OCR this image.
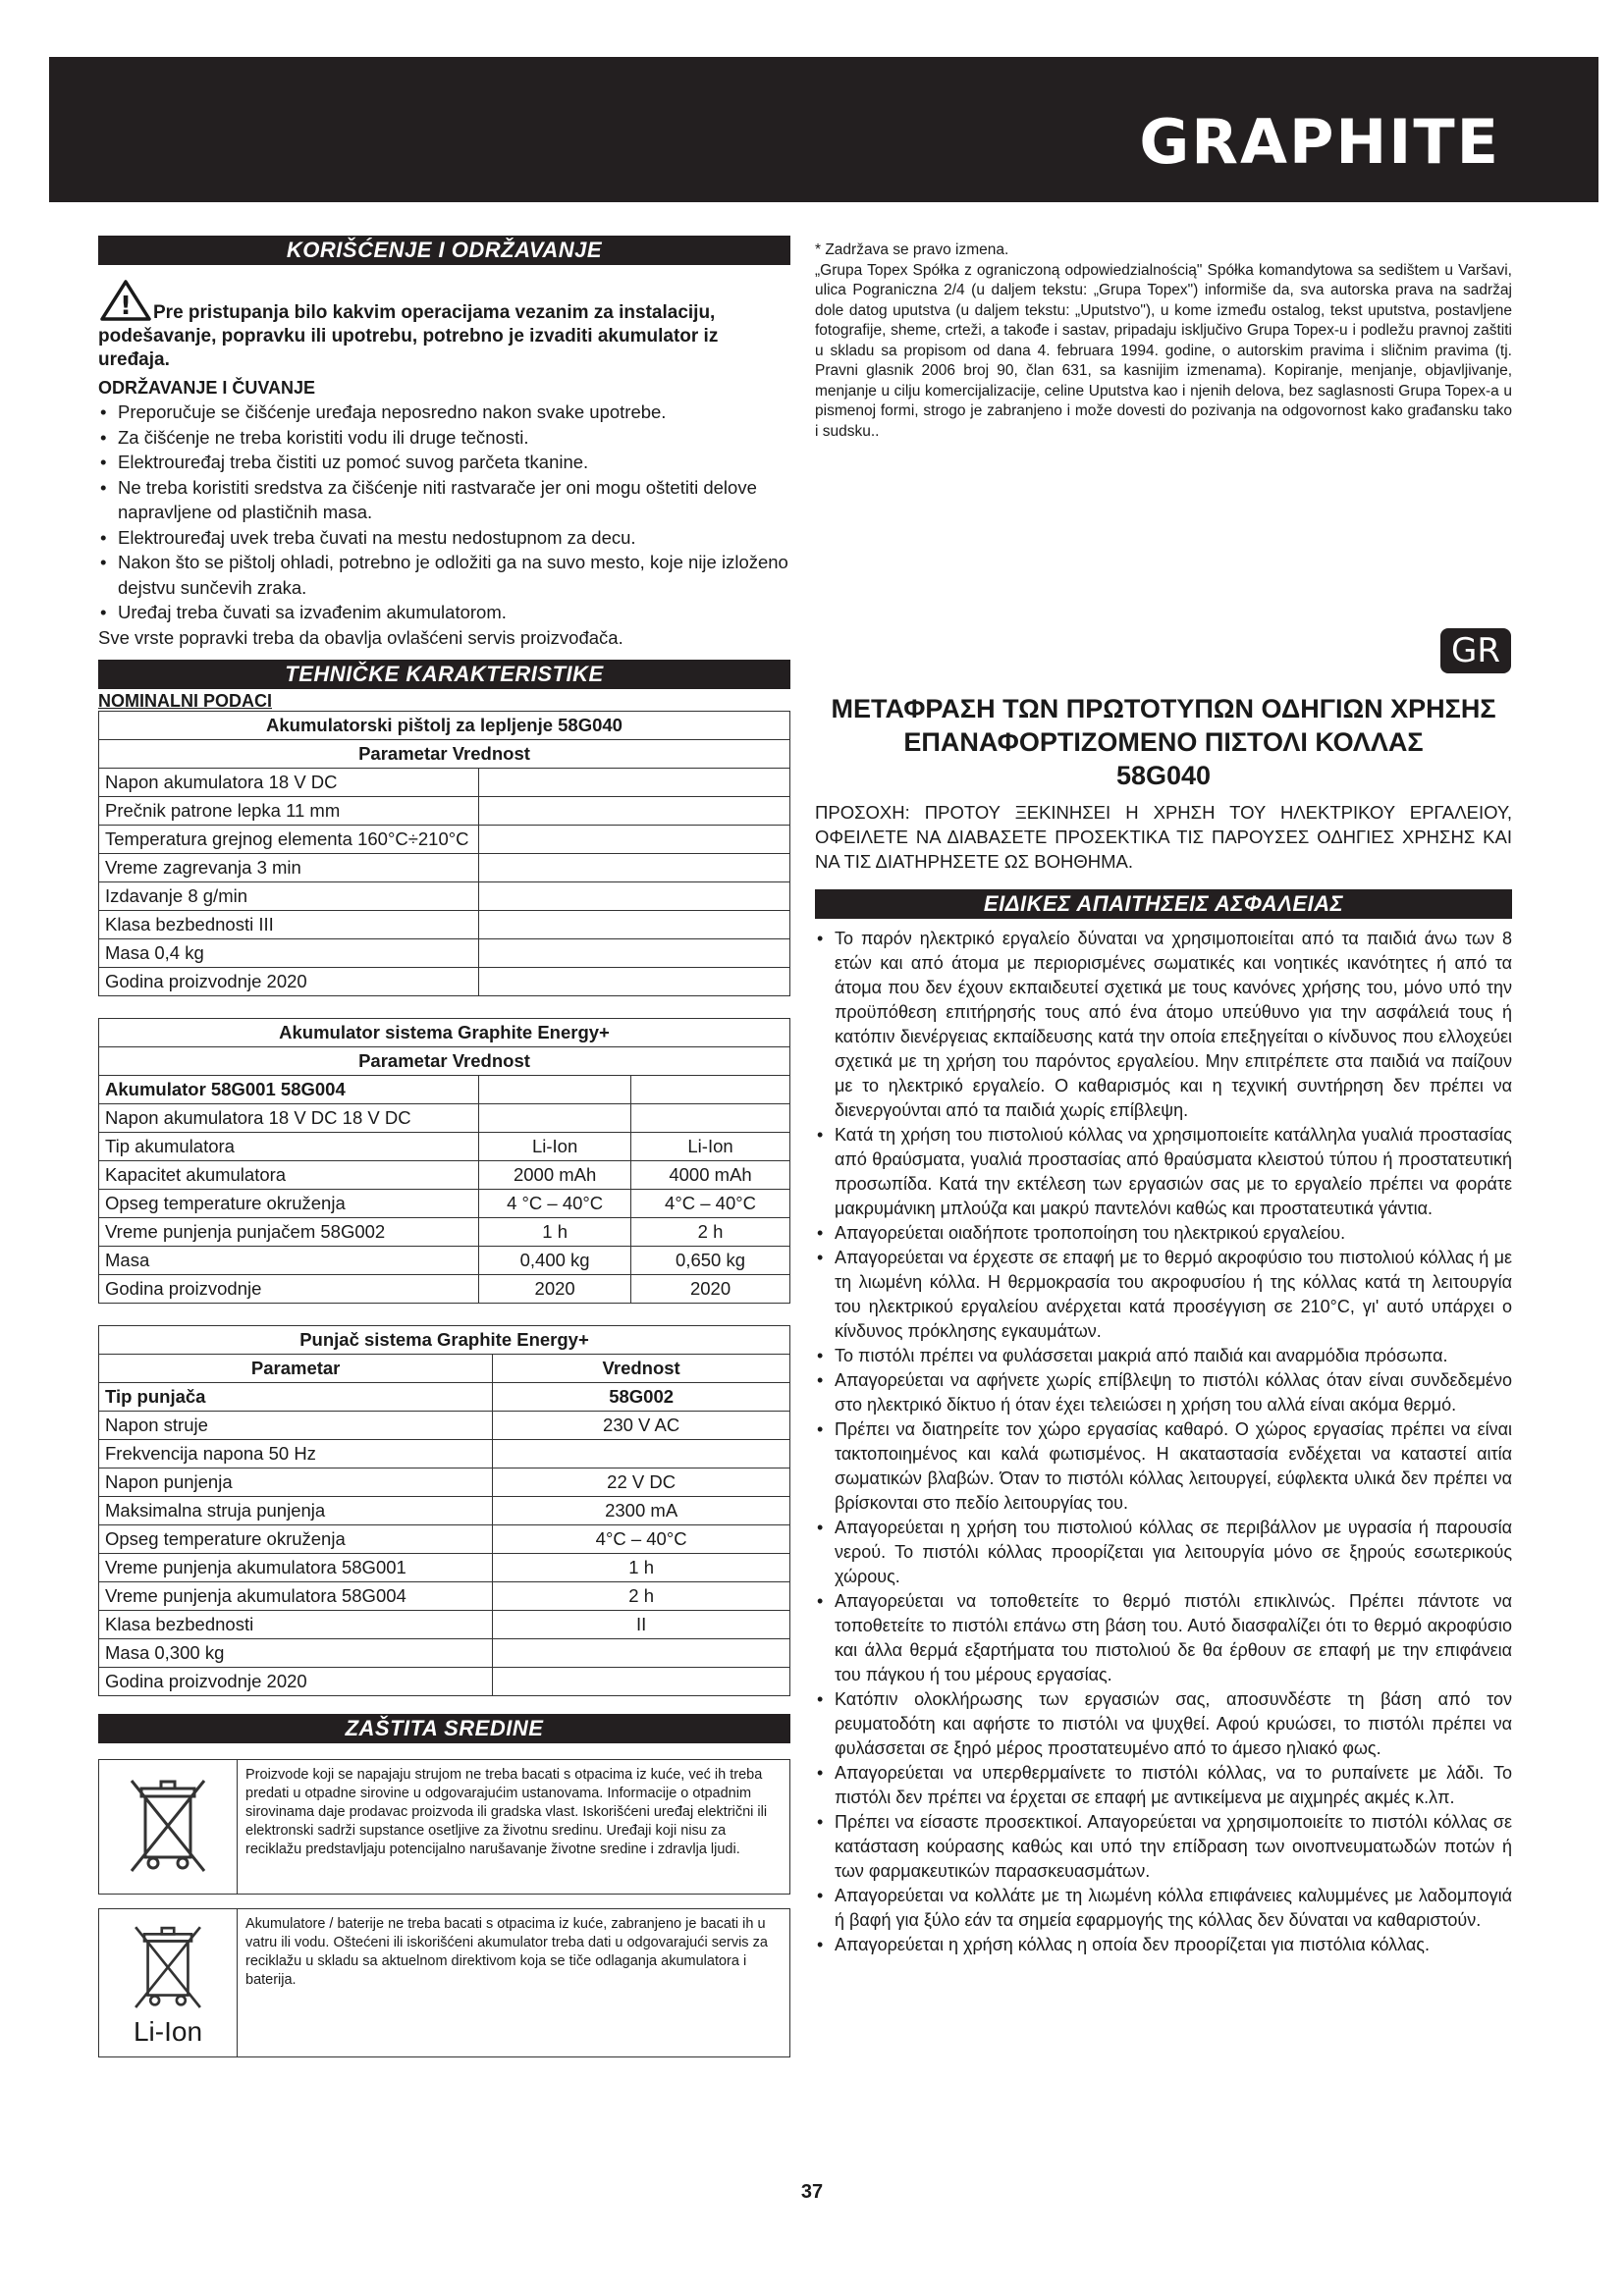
GRAPHITE
KORIŠĆENJE I ODRŽAVANJE
! Pre pristupanja bilo kakvim operacijama vezanim za instalaciju, podešavanje, popravku ili upotrebu, potrebno je izvaditi akumulator iz uređaja.
ODRŽAVANJE I ČUVANJE
• Preporučuje se čišćenje uređaja neposredno nakon svake upotrebe.
• Za čišćenje ne treba koristiti vodu ili druge tečnosti.
• Elektrouređaj treba čistiti uz pomoć suvog parčeta tkanine.
• Ne treba koristiti sredstva za čišćenje niti rastvarače jer oni mogu oštetiti delove napravljene od plastičnih masa.
• Elektrouređaj uvek treba čuvati na mestu nedostupnom za decu.
• Nakon što se pištolj ohladi, potrebno je odložiti ga na suvo mesto, koje nije izloženo dejstvu sunčevih zraka.
• Uređaj treba čuvati sa izvađenim akumulatorom.
Sve vrste popravki treba da obavlja ovlašćeni servis proizvođača.
TEHNIČKE KARAKTERISTIKE
NOMINALNI PODACI
Akumulatorski pištolj za lepljenje 58G040	
Parametar Vrednost	
Napon akumulatora 18 V DC	
Prečnik patrone lepka 11 mm	
Temperatura grejnog elementa 160°C÷210°C	
Vreme zagrevanja 3 min	
Izdavanje 8 g/min	
Klasa bezbednosti III	
Masa 0,4 kg	
Godina proizvodnje 2020	
Akumulator sistema Graphite Energy+		
Parametar Vrednost		
Akumulator 58G001 58G004		
Napon akumulatora 18 V DC 18 V DC		
Tip akumulatora	Li-Ion	Li-Ion
Kapacitet akumulatora	2000 mAh	4000 mAh
Opseg temperature okruženja	4 °C – 40°C	4°C – 40°C
Vreme punjenja punjačem 58G002	1 h	2 h
Masa	0,400 kg	0,650 kg
Godina proizvodnje	2020	2020
Punjač sistema Graphite Energy+	
Parametar	Vrednost
Tip punjača	58G002
Napon struje	230 V AC
Frekvencija napona 50 Hz	
Napon punjenja	22 V DC
Maksimalna struja punjenja	2300 mA
Opseg temperature okruženja	4°C – 40°C
Vreme punjenja akumulatora 58G001	1 h
Vreme punjenja akumulatora 58G004	2 h
Klasa bezbednosti	II
Masa 0,300 kg	
Godina proizvodnje 2020	
ZAŠTITA SREDINE
Proizvode koji se napajaju strujom ne treba bacati s otpacima iz kuće, već ih treba predati u otpadne sirovine u odgovarajućim ustanovama. Informacije o otpadnim sirovinama daje prodavac proizvoda ili gradska vlast. Iskorišćeni uređaj električni ili elektronski sadrži supstance osetljive za životnu sredinu. Uređaji koji nisu za reciklažu predstavljaju potencijalno narušavanje životne sredine i zdravlja ljudi.
Li-Ion
Akumulatore / baterije ne treba bacati s otpacima iz kuće, zabranjeno je bacati ih u vatru ili vodu. Oštećeni ili iskorišćeni akumulator treba dati u odgovarajući servis za reciklažu u skladu sa aktuelnom direktivom koja se tiče odlaganja akumulatora i baterija.
* Zadržava se pravo izmena.
„Grupa Topex Spółka z ograniczoną odpowiedzialnością" Spółka komandytowa sa sedištem u Varšavi, ulica Pograniczna 2/4 (u daljem tekstu: „Grupa Topex") informiše da, sva autorska prava na sadržaj dole datog uputstva (u daljem tekstu: „Uputstvo"), u kome između ostalog, tekst uputstva, postavljene fotografije, sheme, crteži, a takođe i sastav, pripadaju isključivo Grupa Topex-u i podležu pravnoj zaštiti u skladu sa propisom od dana 4. februara 1994. godine, o autorskim pravima i sličnim pravima (tj. Pravni glasnik 2006 broj 90, član 631, sa kasnijim izmenama). Kopiranje, menjanje, objavljivanje, menjanje u cilju komercijalizacije, celine Uputstva kao i njenih delova, bez saglasnosti Grupa Topex-a u pismenoj formi, strogo je zabranjeno i može dovesti do pozivanja na odgovornost kako građansku tako i sudsku..
GR
ΜΕΤΑΦΡΑΣΗ ΤΩΝ ΠΡΩΤΟΤΥΠΩΝ ΟΔΗΓΙΩΝ ΧΡΗΣΗΣ
ΕΠΑΝΑΦΟΡΤΙΖΟΜΕΝΟ ΠΙΣΤΟΛΙ ΚΟΛΛΑΣ
58G040
ΠΡΟΣΟΧΗ: ΠΡΟΤΟΥ ΞΕΚΙΝΗΣΕΙ Η ΧΡΗΣΗ ΤΟΥ ΗΛΕΚΤΡΙΚΟΥ ΕΡΓΑΛΕΙΟΥ, ΟΦΕΙΛΕΤΕ ΝΑ ΔΙΑΒΑΣΕΤΕ ΠΡΟΣΕΚΤΙΚΑ ΤΙΣ ΠΑΡΟΥΣΕΣ ΟΔΗΓΙΕΣ ΧΡΗΣΗΣ ΚΑΙ ΝΑ ΤΙΣ ΔΙΑΤΗΡΗΣΕΤΕ ΩΣ ΒΟΗΘΗΜΑ.
ΕΙΔΙΚΕΣ ΑΠΑΙΤΗΣΕΙΣ ΑΣΦΑΛΕΙΑΣ
• Το παρόν ηλεκτρικό εργαλείο δύναται να χρησιμοποιείται από τα παιδιά άνω των 8 ετών και από άτομα με περιορισμένες σωματικές και νοητικές ικανότητες ή από τα άτομα που δεν έχουν εκπαιδευτεί σχετικά με τους κανόνες χρήσης του, μόνο υπό την προϋπόθεση επιτήρησής τους από ένα άτομο υπεύθυνο για την ασφάλειά τους ή κατόπιν διενέργειας εκπαίδευσης κατά την οποία επεξηγείται ο κίνδυνος που ελλοχεύει σχετικά με τη χρήση του παρόντος εργαλείου. Μην επιτρέπετε στα παιδιά να παίζουν με το ηλεκτρικό εργαλείο. Ο καθαρισμός και η τεχνική συντήρηση δεν πρέπει να διενεργούνται από τα παιδιά χωρίς επίβλεψη.
• Κατά τη χρήση του πιστολιού κόλλας να χρησιμοποιείτε κατάλληλα γυαλιά προστασίας από θραύσματα, γυαλιά προστασίας από θραύσματα κλειστού τύπου ή προστατευτική προσωπίδα. Κατά την εκτέλεση των εργασιών σας με το εργαλείο πρέπει να φοράτε μακρυμάνικη μπλούζα και μακρύ παντελόνι καθώς και προστατευτικά γάντια.
• Απαγορεύεται οιαδήποτε τροποποίηση του ηλεκτρικού εργαλείου.
• Απαγορεύεται να έρχεστε σε επαφή με το θερμό ακροφύσιο του πιστολιού κόλλας ή με τη λιωμένη κόλλα. Η θερμοκρασία του ακροφυσίου ή της κόλλας κατά τη λειτουργία του ηλεκτρικού εργαλείου ανέρχεται κατά προσέγγιση σε 210°C, γι' αυτό υπάρχει ο κίνδυνος πρόκλησης εγκαυμάτων.
• Το πιστόλι πρέπει να φυλάσσεται μακριά από παιδιά και αναρμόδια πρόσωπα.
• Απαγορεύεται να αφήνετε χωρίς επίβλεψη το πιστόλι κόλλας όταν είναι συνδεδεμένο στο ηλεκτρικό δίκτυο ή όταν έχει τελειώσει η χρήση του αλλά είναι ακόμα θερμό.
• Πρέπει να διατηρείτε τον χώρο εργασίας καθαρό. Ο χώρος εργασίας πρέπει να είναι τακτοποιημένος και καλά φωτισμένος. Η ακαταστασία ενδέχεται να καταστεί αιτία σωματικών βλαβών. Όταν το πιστόλι κόλλας λειτουργεί, εύφλεκτα υλικά δεν πρέπει να βρίσκονται στο πεδίο λειτουργίας του.
• Απαγορεύεται η χρήση του πιστολιού κόλλας σε περιβάλλον με υγρασία ή παρουσία νερού. Το πιστόλι κόλλας προορίζεται για λειτουργία μόνο σε ξηρούς εσωτερικούς χώρους.
• Απαγορεύεται να τοποθετείτε το θερμό πιστόλι επικλινώς. Πρέπει πάντοτε να τοποθετείτε το πιστόλι επάνω στη βάση του. Αυτό διασφαλίζει ότι το θερμό ακροφύσιο και άλλα θερμά εξαρτήματα του πιστολιού δε θα έρθουν σε επαφή με την επιφάνεια του πάγκου ή του μέρους εργασίας.
• Κατόπιν ολοκλήρωσης των εργασιών σας, αποσυνδέστε τη βάση από τον ρευματοδότη και αφήστε το πιστόλι να ψυχθεί. Αφού κρυώσει, το πιστόλι πρέπει να φυλάσσεται σε ξηρό μέρος προστατευμένο από το άμεσο ηλιακό φως.
• Απαγορεύεται να υπερθερμαίνετε το πιστόλι κόλλας, να το ρυπαίνετε με λάδι. Το πιστόλι δεν πρέπει να έρχεται σε επαφή με αντικείμενα με αιχμηρές ακμές κ.λπ.
• Πρέπει να είσαστε προσεκτικοί. Απαγορεύεται να χρησιμοποιείτε το πιστόλι κόλλας σε κατάσταση κούρασης καθώς και υπό την επίδραση των οινοπνευματωδών ποτών ή των φαρμακευτικών παρασκευασμάτων.
• Απαγορεύεται να κολλάτε με τη λιωμένη κόλλα επιφάνειες καλυμμένες με λαδομπογιά ή βαφή για ξύλο εάν τα σημεία εφαρμογής της κόλλας δεν δύναται να καθαριστούν.
• Απαγορεύεται η χρήση κόλλας η οποία δεν προορίζεται για πιστόλια κόλλας.
37
